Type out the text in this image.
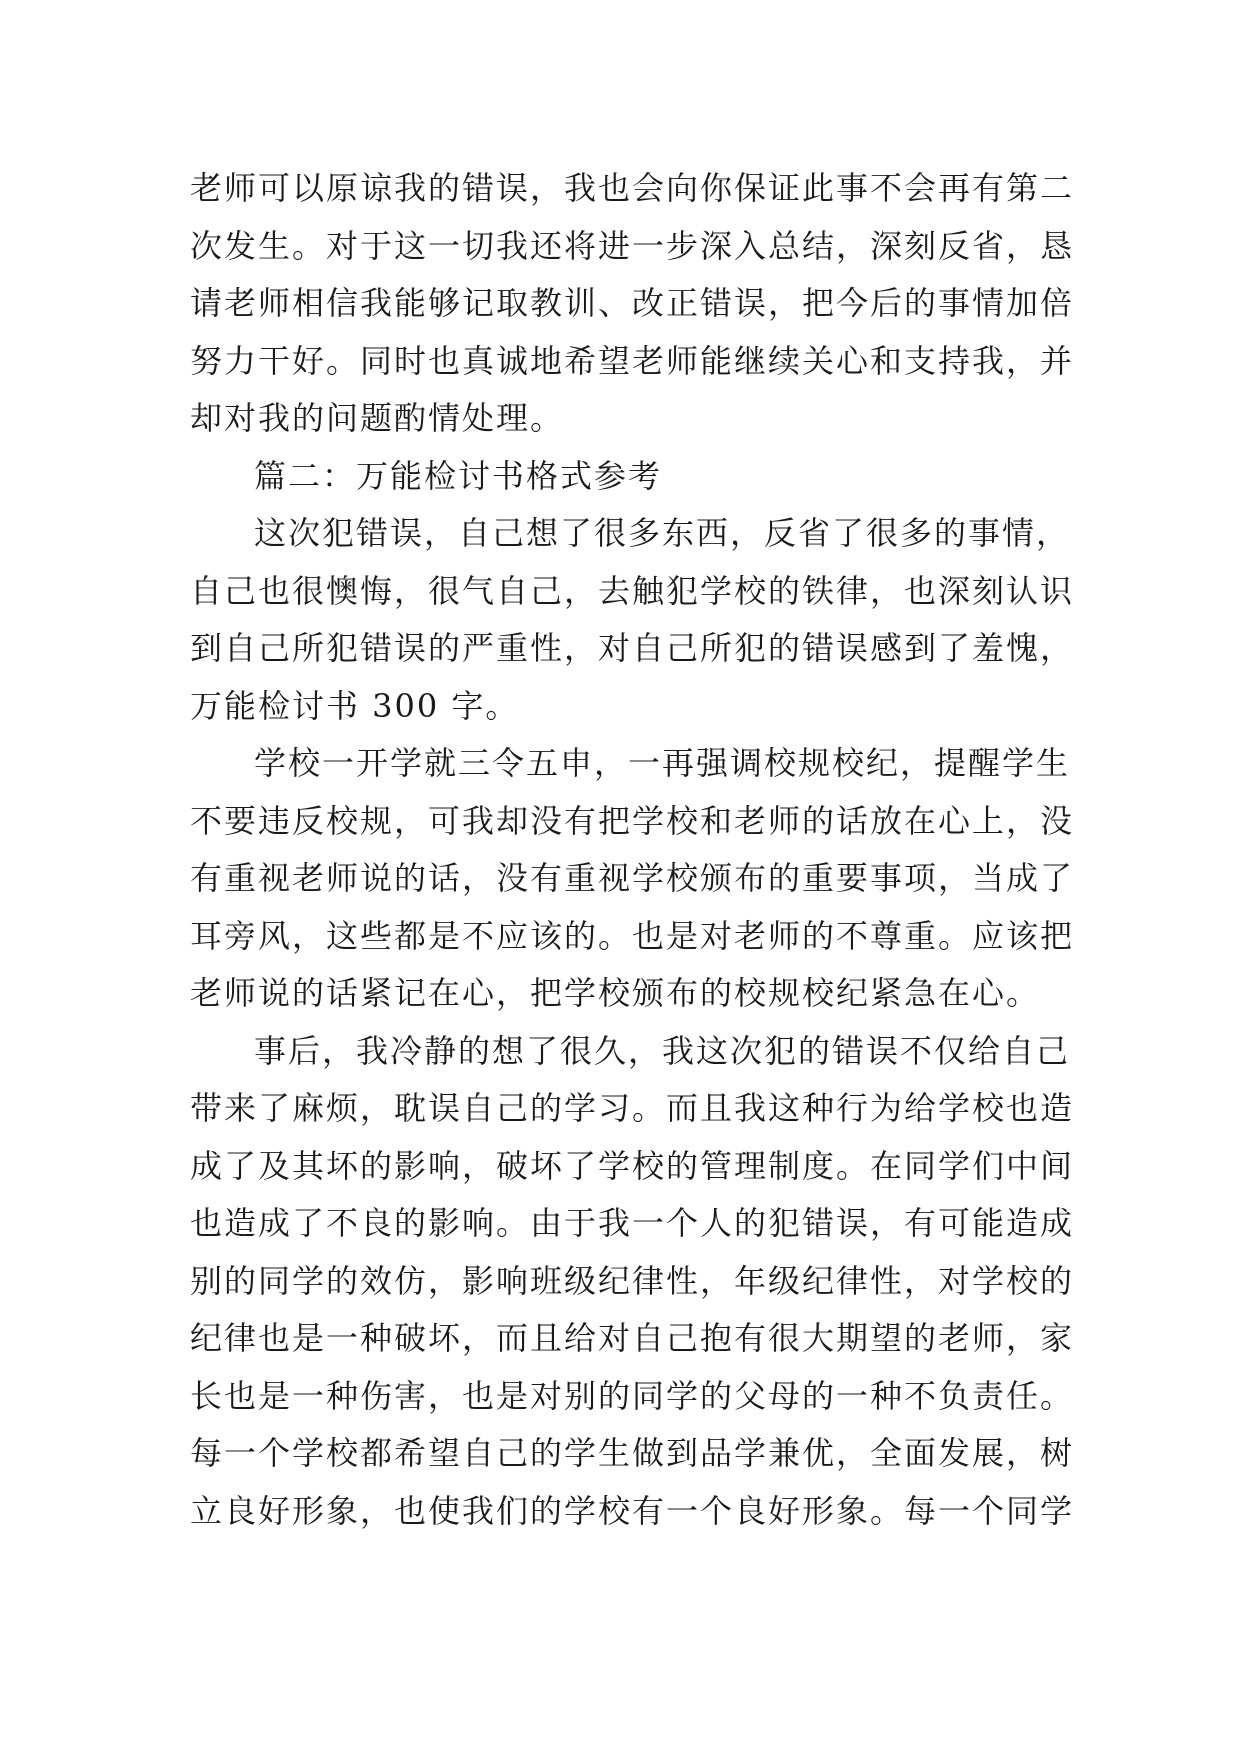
老师可以原谅我的错误，我也会向你保证此事不会再有第二
次发生。对于这一切我还将进一步深入总结，深刻反省，恳
请老师相信我能够记取教训、改正错误，把今后的事情加倍
努力干好。同时也真诚地希望老师能继续关心和支持我，并
却对我的问题酌情处理。
篇二：万能检讨书格式参考
这次犯错误，自己想了很多东西，反省了很多的事情，
自己也很懊悔，很气自己，去触犯学校的铁律，也深刻认识
到自己所犯错误的严重性，对自己所犯的错误感到了羞愧，
万能检讨书 300 字。
学校一开学就三令五申，一再强调校规校纪，提醒学生
不要违反校规，可我却没有把学校和老师的话放在心上，没
有重视老师说的话，没有重视学校颁布的重要事项，当成了
耳旁风，这些都是不应该的。也是对老师的不尊重。应该把
老师说的话紧记在心，把学校颁布的校规校纪紧急在心。
事后，我冷静的想了很久，我这次犯的错误不仅给自己
带来了麻烦，耽误自己的学习。而且我这种行为给学校也造
成了及其坏的影响，破坏了学校的管理制度。在同学们中间
也造成了不良的影响。由于我一个人的犯错误，有可能造成
别的同学的效仿，影响班级纪律性，年级纪律性，对学校的
纪律也是一种破坏，而且给对自己抱有很大期望的老师，家
长也是一种伤害，也是对别的同学的父母的一种不负责任。
每一个学校都希望自己的学生做到品学兼优，全面发展，树
立良好形象，也使我们的学校有一个良好形象。每一个同学
